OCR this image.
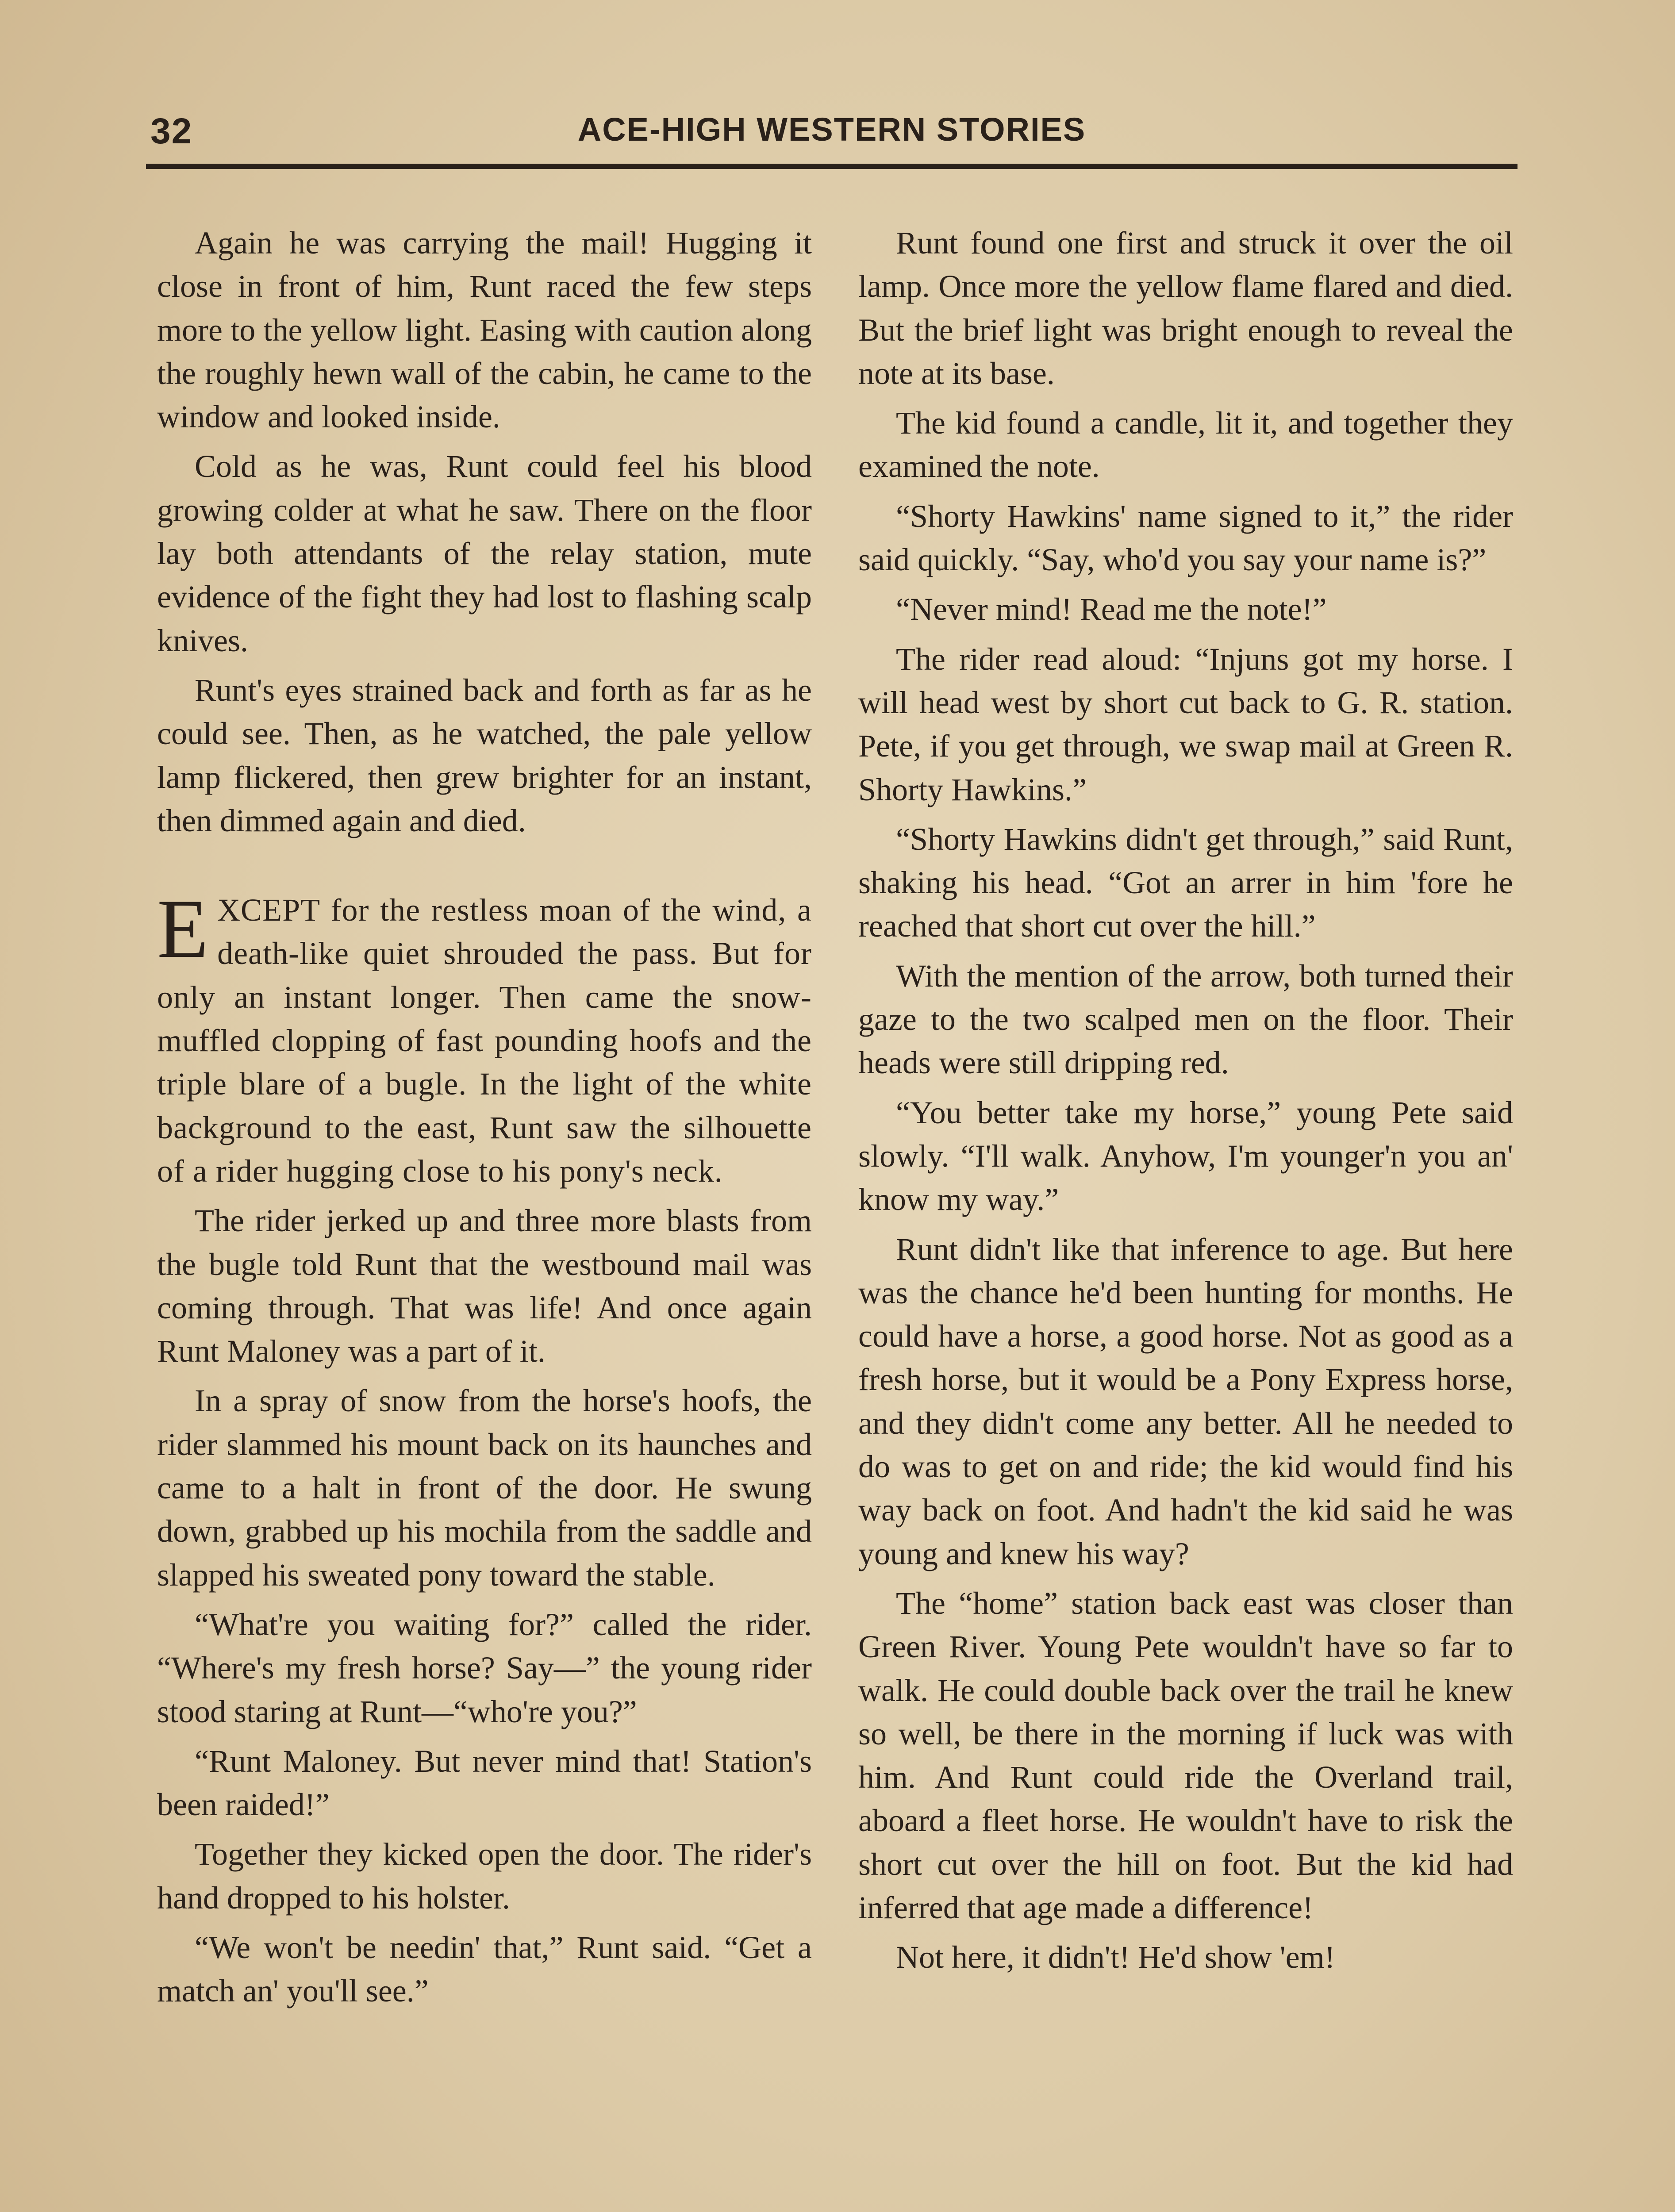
32	ACE-HIGH WESTERN STORIES

Again he was carrying the mail! Hugging it close in front of him, Runt raced the few steps more to the yellow light. Easing with caution along the roughly hewn wall of the cabin, he came to the window and looked inside.

Cold as he was, Runt could feel his blood growing colder at what he saw. There on the floor lay both attendants of the relay station, mute evidence of the fight they had lost to flashing scalp knives.

Runt's eyes strained back and forth as far as he could see. Then, as he watched, the pale yellow lamp flickered, then grew brighter for an instant, then dimmed again and died.

EXCEPT for the restless moan of the wind, a death-like quiet shrouded the pass. But for only an instant longer. Then came the snow-muffled clopping of fast pounding hoofs and the triple blare of a bugle. In the light of the white background to the east, Runt saw the silhouette of a rider hugging close to his pony's neck.

The rider jerked up and three more blasts from the bugle told Runt that the westbound mail was coming through. That was life! And once again Runt Maloney was a part of it.

In a spray of snow from the horse's hoofs, the rider slammed his mount back on its haunches and came to a halt in front of the door. He swung down, grabbed up his mochila from the saddle and slapped his sweated pony toward the stable.

“What're you waiting for?” called the rider. “Where's my fresh horse? Say—” the young rider stood staring at Runt—“who're you?”

“Runt Maloney. But never mind that! Station's been raided!”

Together they kicked open the door. The rider's hand dropped to his holster.

“We won't be needin' that,” Runt said. “Get a match an' you'll see.”

Runt found one first and struck it over the oil lamp. Once more the yellow flame flared and died. But the brief light was bright enough to reveal the note at its base.

The kid found a candle, lit it, and together they examined the note.

“Shorty Hawkins' name signed to it,” the rider said quickly. “Say, who'd you say your name is?”

“Never mind! Read me the note!”

The rider read aloud: “Injuns got my horse. I will head west by short cut back to G. R. station. Pete, if you get through, we swap mail at Green R. Shorty Hawkins.”

“Shorty Hawkins didn't get through,” said Runt, shaking his head. “Got an arrer in him 'fore he reached that short cut over the hill.”

With the mention of the arrow, both turned their gaze to the two scalped men on the floor. Their heads were still dripping red.

“You better take my horse,” young Pete said slowly. “I'll walk. Anyhow, I'm younger'n you an' know my way.”

Runt didn't like that inference to age. But here was the chance he'd been hunting for months. He could have a horse, a good horse. Not as good as a fresh horse, but it would be a Pony Express horse, and they didn't come any better. All he needed to do was to get on and ride; the kid would find his way back on foot. And hadn't the kid said he was young and knew his way?

The “home” station back east was closer than Green River. Young Pete wouldn't have so far to walk. He could double back over the trail he knew so well, be there in the morning if luck was with him. And Runt could ride the Overland trail, aboard a fleet horse. He wouldn't have to risk the short cut over the hill on foot. But the kid had inferred that age made a difference!

Not here, it didn't! He'd show 'em!
